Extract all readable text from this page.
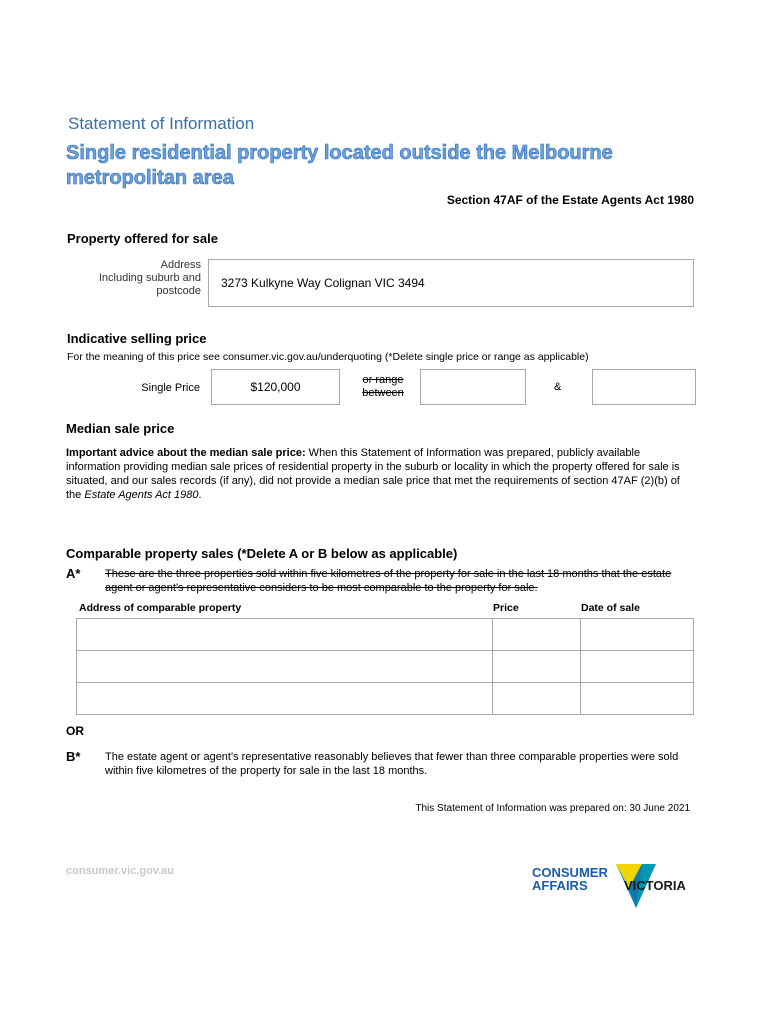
Statement of Information
Single residential property located outside the Melbourne metropolitan area
Section 47AF of the Estate Agents Act 1980
Property offered for sale
Address
Including suburb and postcode
3273 Kulkyne Way Colignan VIC 3494
Indicative selling price
For the meaning of this price see consumer.vic.gov.au/underquoting (*Delete single price or range as applicable)
Single Price	$120,000	or range between	&
Median sale price
Important advice about the median sale price: When this Statement of Information was prepared, publicly available information providing median sale prices of residential property in the suburb or locality in which the property offered for sale is situated, and our sales records (if any), did not provide a median sale price that met the requirements of section 47AF (2)(b) of the Estate Agents Act 1980.
Comparable property sales (*Delete A or B below as applicable)
A* These are the three properties sold within five kilometres of the property for sale in the last 18 months that the estate agent or agent's representative considers to be most comparable to the property for sale.
Address of comparable property	Price	Date of sale

OR
B* The estate agent or agent's representative reasonably believes that fewer than three comparable properties were sold within five kilometres of the property for sale in the last 18 months.
This Statement of Information was prepared on: 30 June 2021
consumer.vic.gov.au	CONSUMER
AFFAIRS	VICTORIA
